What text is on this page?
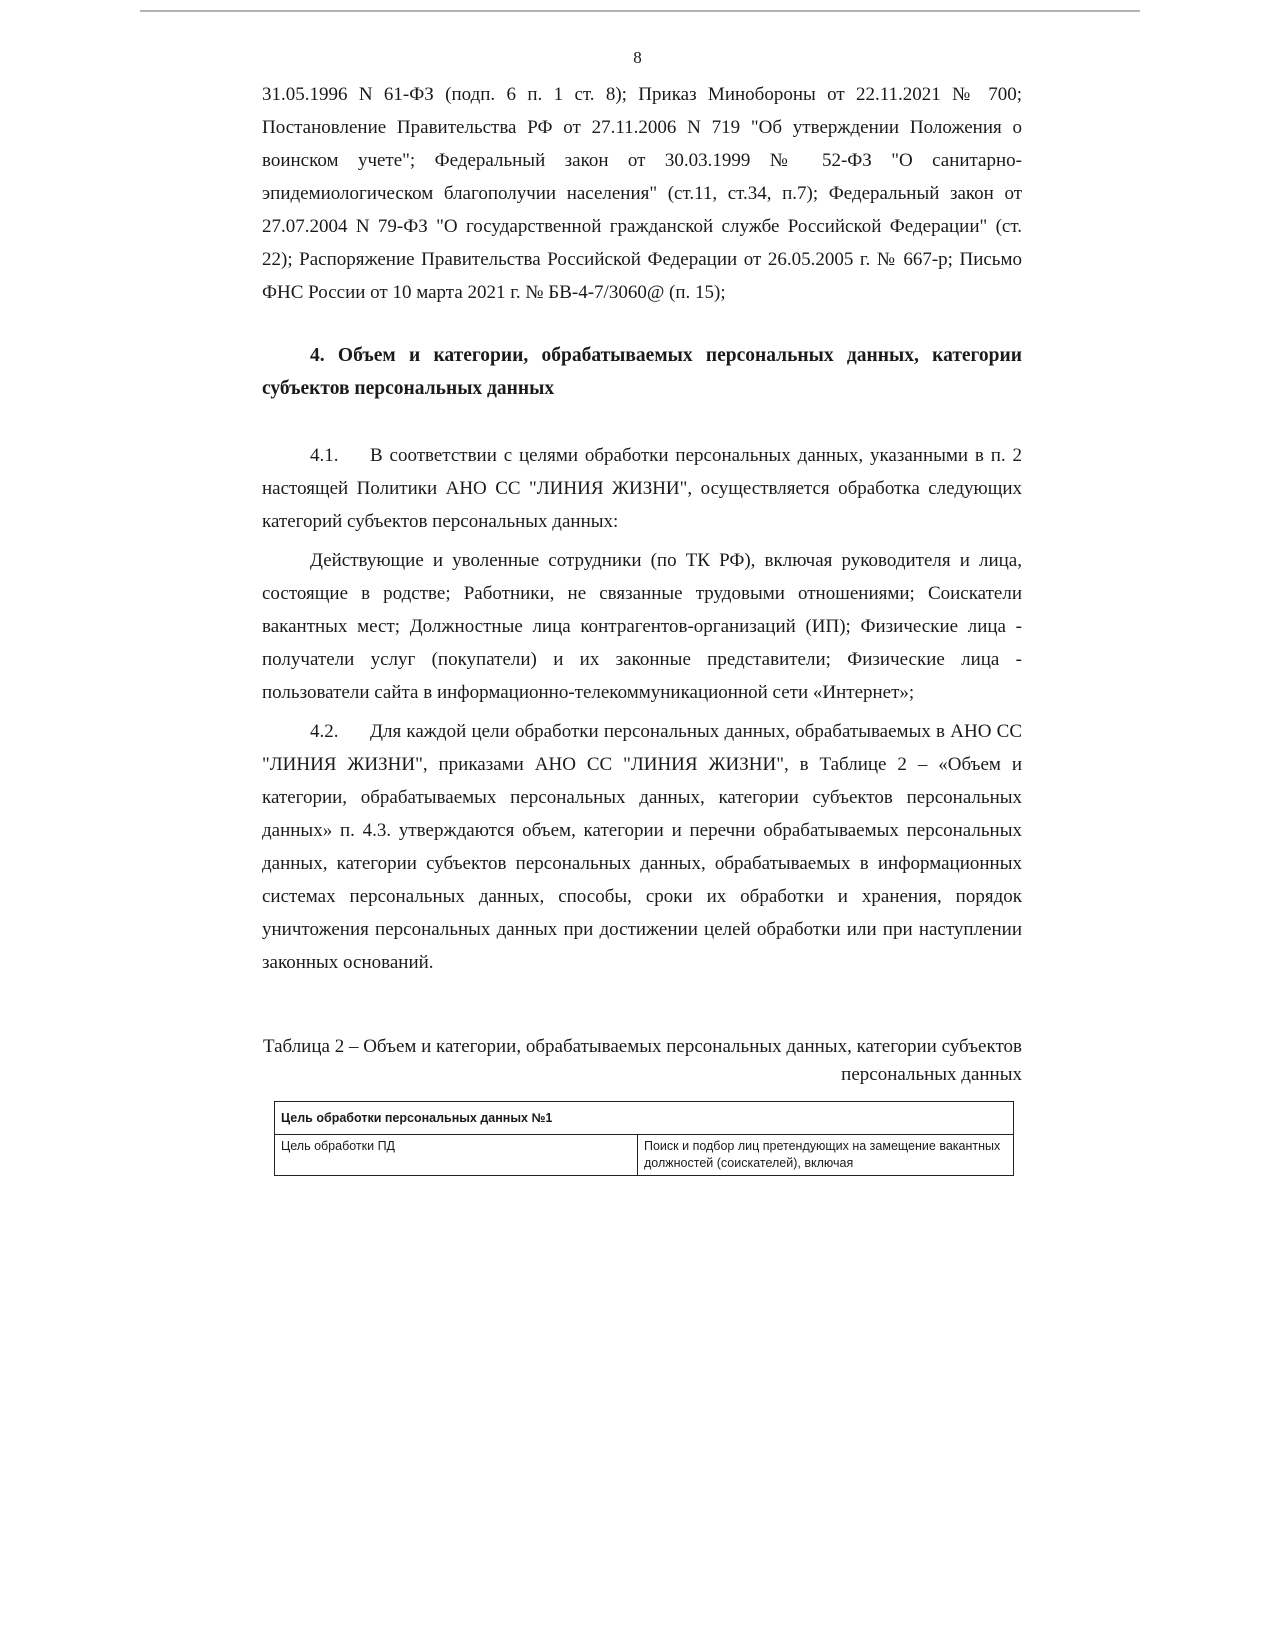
8

31.05.1996 N 61-ФЗ (подп. 6 п. 1 ст. 8); Приказ Минобороны от 22.11.2021 № 700; Постановление Правительства РФ от 27.11.2006 N 719 "Об утверждении Положения о воинском учете"; Федеральный закон от 30.03.1999 № 52-ФЗ "О санитарно-эпидемиологическом благополучии населения" (ст.11, ст.34, п.7); Федеральный закон от 27.07.2004 N 79-ФЗ "О государственной гражданской службе Российской Федерации" (ст. 22); Распоряжение Правительства Российской Федерации от 26.05.2005 г. № 667-р; Письмо ФНС России от 10 марта 2021 г. № БВ-4-7/3060@ (п. 15);

4. Объем и категории, обрабатываемых персональных данных, категории субъектов персональных данных

4.1. В соответствии с целями обработки персональных данных, указанными в п. 2 настоящей Политики АНО СС "ЛИНИЯ ЖИЗНИ", осуществляется обработка следующих категорий субъектов персональных данных:

Действующие и уволенные сотрудники (по ТК РФ), включая руководителя и лица, состоящие в родстве; Работники, не связанные трудовыми отношениями; Соискатели вакантных мест; Должностные лица контрагентов-организаций (ИП); Физические лица - получатели услуг (покупатели) и их законные представители; Физические лица - пользователи сайта в информационно-телекоммуникационной сети «Интернет»;

4.2. Для каждой цели обработки персональных данных, обрабатываемых в АНО СС "ЛИНИЯ ЖИЗНИ", приказами АНО СС "ЛИНИЯ ЖИЗНИ", в Таблице 2 – «Объем и категории, обрабатываемых персональных данных, категории субъектов персональных данных» п. 4.3. утверждаются объем, категории и перечни обрабатываемых персональных данных, категории субъектов персональных данных, обрабатываемых в информационных системах персональных данных, способы, сроки их обработки и хранения, порядок уничтожения персональных данных при достижении целей обработки или при наступлении законных оснований.

Таблица 2 – Объем и категории, обрабатываемых персональных данных, категории субъектов персональных данных

Цель обработки персональных данных №1
Цель обработки ПД	Поиск и подбор лиц претендующих на замещение вакантных должностей (соискателей), включая
